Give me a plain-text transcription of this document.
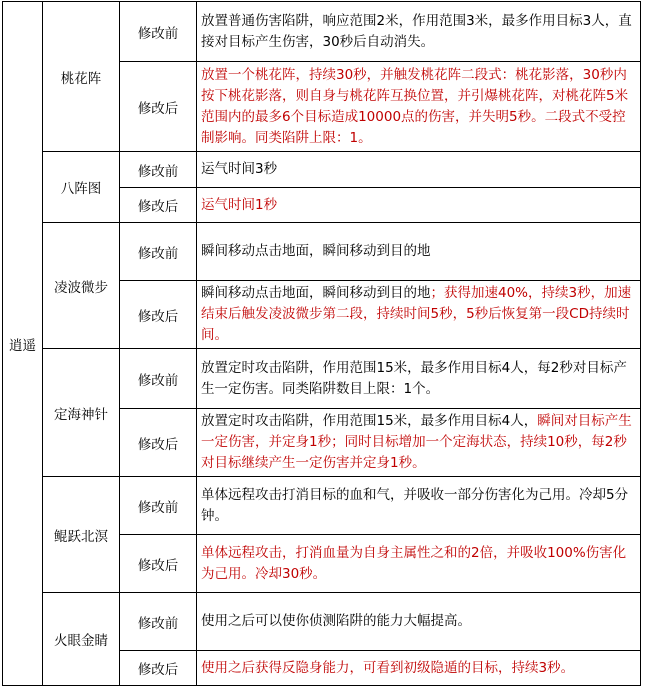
逍遥	桃花阵	修改前	放置普通伤害陷阱，响应范围2米，作用范围3米，最多作用目标3人，直接对目标产生伤害，30秒后自动消失。
		修改后	放置一个桃花阵，持续30秒，并触发桃花阵二段式：桃花影落，30秒内按下桃花影落，则自身与桃花阵互换位置，并引爆桃花阵，对桃花阵5米范围内的最多6个目标造成10000点的伤害，并失明5秒。二段式不受控制影响。同类陷阱上限：1。
	八阵图	修改前	运气时间3秒
		修改后	运气时间1秒
	凌波微步	修改前	瞬间移动点击地面，瞬间移动到目的地
		修改后	瞬间移动点击地面，瞬间移动到目的地；获得加速40%，持续3秒，加速结束后触发凌波微步第二段，持续时间5秒，5秒后恢复第一段CD持续时间。
	定海神针	修改前	放置定时攻击陷阱，作用范围15米，最多作用目标4人，每2秒对目标产生一定伤害。同类陷阱数目上限：1个。
		修改后	放置定时攻击陷阱，作用范围15米，最多作用目标4人，瞬间对目标产生一定伤害，并定身1秒；同时目标增加一个定海状态，持续10秒，每2秒对目标继续产生一定伤害并定身1秒。
	鲲跃北溟	修改前	单体远程攻击打消目标的血和气，并吸收一部分伤害化为己用。冷却5分钟。
		修改后	单体远程攻击，打消血量为自身主属性之和的2倍，并吸收100%伤害化为己用。冷却30秒。
	火眼金睛	修改前	使用之后可以使你侦测陷阱的能力大幅提高。
		修改后	使用之后获得反隐身能力，可看到初级隐遁的目标，持续3秒。
